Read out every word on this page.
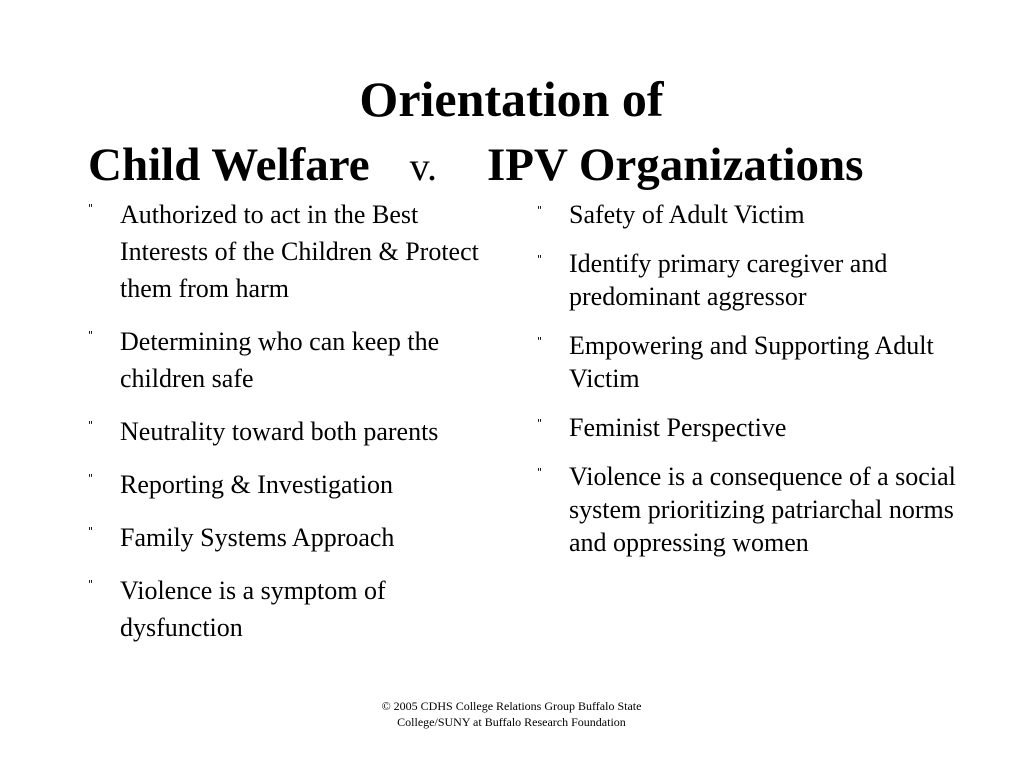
Orientation of
Child Welfare v. IPV Organizations
" Authorized to act in the Best Interests of the Children & Protect them from harm
" Determining who can keep the children safe
" Neutrality toward both parents
" Reporting & Investigation
" Family Systems Approach
" Violence is a symptom of dysfunction
" Safety of Adult Victim
" Identify primary caregiver and predominant aggressor
" Empowering and Supporting Adult Victim
" Feminist Perspective
" Violence is a consequence of a social system prioritizing patriarchal norms and oppressing women
© 2005 CDHS College Relations Group Buffalo State
College/SUNY at Buffalo Research Foundation
